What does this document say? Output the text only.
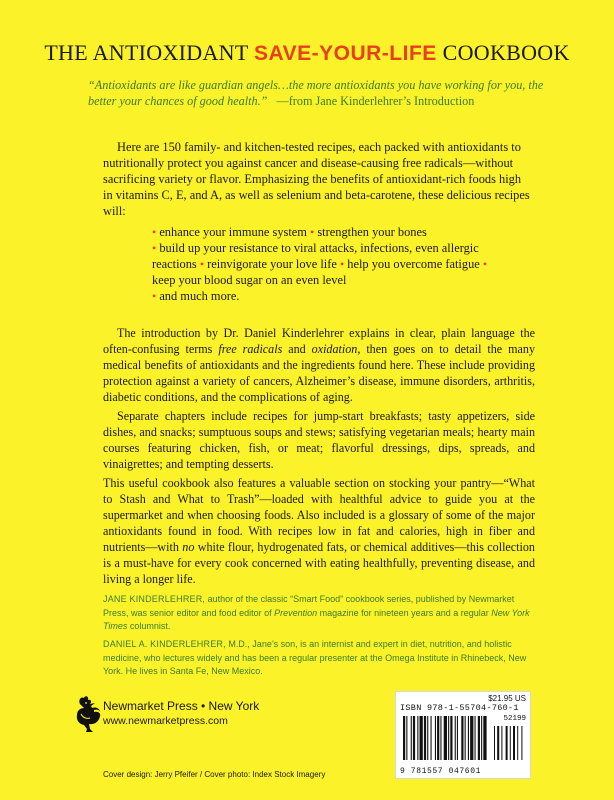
THE ANTIOXIDANT SAVE-YOUR-LIFE COOKBOOK
“Antioxidants are like guardian angels…the more antioxidants you have working for you, the better your chances of good health.” —from Jane Kinderlehrer’s Introduction

Here are 150 family- and kitchen-tested recipes, each packed with antioxidants to nutritionally protect you against cancer and disease-causing free radicals—without sacrificing variety or flavor. Emphasizing the benefits of antioxidant-rich foods high in vitamins C, E, and A, as well as selenium and beta-carotene, these delicious recipes will:

• enhance your immune system • strengthen your bones
• build up your resistance to viral attacks, infections, even allergic reactions • reinvigorate your love life • help you overcome fatigue • keep your blood sugar on an even level
• and much more.

The introduction by Dr. Daniel Kinderlehrer explains in clear, plain language the often-confusing terms free radicals and oxidation, then goes on to detail the many medical benefits of antioxidants and the ingredients found here. These include providing protection against a variety of cancers, Alzheimer’s disease, immune disorders, arthritis, diabetic conditions, and the complications of aging.

Separate chapters include recipes for jump-start breakfasts; tasty appetizers, side dishes, and snacks; sumptuous soups and stews; satisfying vegetarian meals; hearty main courses featuring chicken, fish, or meat; flavorful dressings, dips, spreads, and vinaigrettes; and tempting desserts.

This useful cookbook also features a valuable section on stocking your pantry—“What to Stash and What to Trash”—loaded with healthful advice to guide you at the supermarket and when choosing foods. Also included is a glossary of some of the major antioxidants found in food. With recipes low in fat and calories, high in fiber and nutrients—with no white flour, hydrogenated fats, or chemical additives—this collection is a must-have for every cook concerned with eating healthfully, preventing disease, and living a longer life.

JANE KINDERLEHRER, author of the classic “Smart Food” cookbook series, published by Newmarket Press, was senior editor and food editor of Prevention magazine for nineteen years and a regular New York Times columnist.
DANIEL A. KINDERLEHRER, M.D., Jane’s son, is an internist and expert in diet, nutrition, and holistic medicine, who lectures widely and has been a regular presenter at the Omega Institute in Rhinebeck, New York. He lives in Santa Fe, New Mexico.
Newmarket Press • New York
www.newmarketpress.com
Cover design: Jerry Pfeifer / Cover photo: Index Stock Imagery
$21.95 US
ISBN 978-1-55704-760-1
52199
9 781557 047601
